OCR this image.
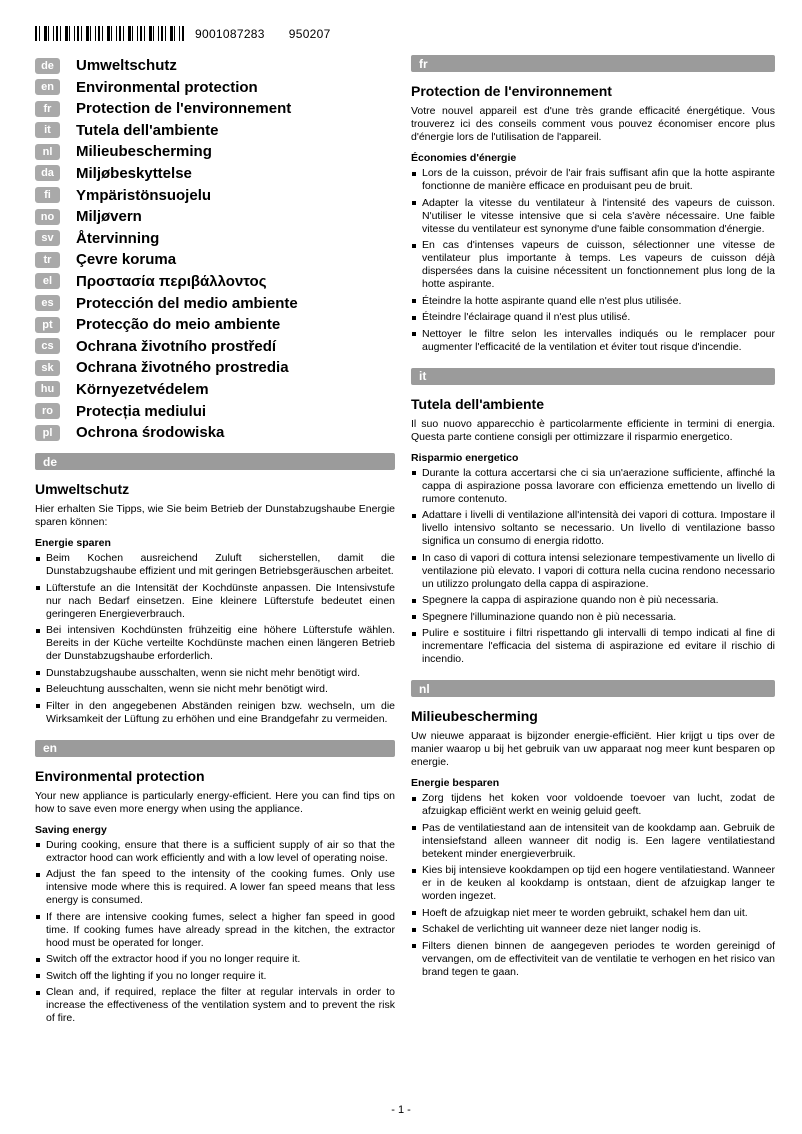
9001087283 950207
de	Umweltschutz
en	Environmental protection
fr	Protection de l'environnement
it	Tutela dell'ambiente
nl	Milieubescherming
da	Miljøbeskyttelse
fi	Ympäristönsuojelu
no	Miljøvern
sv	Återvinning
tr	Çevre koruma
el	Προστασία περιβάλλοντος
es	Protección del medio ambiente
pt	Protecção do meio ambiente
cs	Ochrana životního prostředí
sk	Ochrana životného prostredia
hu	Környezetvédelem
ro	Protecția mediului
pl	Ochrona środowiska
de
Umweltschutz

Hier erhalten Sie Tipps, wie Sie beim Betrieb der Dunstabzugshaube Energie sparen können:

Energie sparen
Beim Kochen ausreichend Zuluft sicherstellen, damit die Dunstabzugshaube effizient und mit geringen Betriebsgeräuschen arbeitet.
Lüfterstufe an die Intensität der Kochdünste anpassen. Die Intensivstufe nur nach Bedarf einsetzen. Eine kleinere Lüfterstufe bedeutet einen geringeren Energieverbrauch.
Bei intensiven Kochdünsten frühzeitig eine höhere Lüfterstufe wählen. Bereits in der Küche verteilte Kochdünste machen einen längeren Betrieb der Dunstabzugshaube erforderlich.
Dunstabzugshaube ausschalten, wenn sie nicht mehr benötigt wird.
Beleuchtung ausschalten, wenn sie nicht mehr benötigt wird.
Filter in den angegebenen Abständen reinigen bzw. wechseln, um die Wirksamkeit der Lüftung zu erhöhen und eine Brandgefahr zu vermeiden.
en
Environmental protection

Your new appliance is particularly energy-efficient. Here you can find tips on how to save even more energy when using the appliance.

Saving energy
During cooking, ensure that there is a sufficient supply of air so that the extractor hood can work efficiently and with a low level of operating noise.
Adjust the fan speed to the intensity of the cooking fumes. Only use intensive mode where this is required. A lower fan speed means that less energy is consumed.
If there are intensive cooking fumes, select a higher fan speed in good time. If cooking fumes have already spread in the kitchen, the extractor hood must be operated for longer.
Switch off the extractor hood if you no longer require it.
Switch off the lighting if you no longer require it.
Clean and, if required, replace the filter at regular intervals in order to increase the effectiveness of the ventilation system and to prevent the risk of fire.
fr
Protection de l'environnement

Votre nouvel appareil est d'une très grande efficacité énergétique. Vous trouverez ici des conseils comment vous pouvez économiser encore plus d'énergie lors de l'utilisation de l'appareil.

Économies d'énergie
Lors de la cuisson, prévoir de l'air frais suffisant afin que la hotte aspirante fonctionne de manière efficace en produisant peu de bruit.
Adapter la vitesse du ventilateur à l'intensité des vapeurs de cuisson. N'utiliser le vitesse intensive que si cela s'avère nécessaire. Une faible vitesse du ventilateur est synonyme d'une faible consommation d'énergie.
En cas d'intenses vapeurs de cuisson, sélectionner une vitesse de ventilateur plus importante à temps. Les vapeurs de cuisson déjà dispersées dans la cuisine nécessitent un fonctionnement plus long de la hotte aspirante.
Éteindre la hotte aspirante quand elle n'est plus utilisée.
Éteindre l'éclairage quand il n'est plus utilisé.
Nettoyer le filtre selon les intervalles indiqués ou le remplacer pour augmenter l'efficacité de la ventilation et éviter tout risque d'incendie.
it
Tutela dell'ambiente

Il suo nuovo apparecchio è particolarmente efficiente in termini di energia. Questa parte contiene consigli per ottimizzare il risparmio energetico.

Risparmio energetico
Durante la cottura accertarsi che ci sia un'aerazione sufficiente, affinché la cappa di aspirazione possa lavorare con efficienza emettendo un livello di rumore contenuto.
Adattare i livelli di ventilazione all'intensità dei vapori di cottura. Impostare il livello intensivo soltanto se necessario. Un livello di ventilazione basso significa un consumo di energia ridotto.
In caso di vapori di cottura intensi selezionare tempestivamente un livello di ventilazione più elevato. I vapori di cottura nella cucina rendono necessario un utilizzo prolungato della cappa di aspirazione.
Spegnere la cappa di aspirazione quando non è più necessaria.
Spegnere l'illuminazione quando non è più necessaria.
Pulire e sostituire i filtri rispettando gli intervalli di tempo indicati al fine di incrementare l'efficacia del sistema di aspirazione ed evitare il rischio di incendio.
nl
Milieubescherming

Uw nieuwe apparaat is bijzonder energie-efficiënt. Hier krijgt u tips over de manier waarop u bij het gebruik van uw apparaat nog meer kunt besparen op energie.

Energie besparen
Zorg tijdens het koken voor voldoende toevoer van lucht, zodat de afzuigkap efficiënt werkt en weinig geluid geeft.
Pas de ventilatiestand aan de intensiteit van de kookdamp aan. Gebruik de intensiefstand alleen wanneer dit nodig is. Een lagere ventilatiestand betekent minder energieverbruik.
Kies bij intensieve kookdampen op tijd een hogere ventilatiestand. Wanneer er in de keuken al kookdamp is ontstaan, dient de afzuigkap langer te worden ingezet.
Hoeft de afzuigkap niet meer te worden gebruikt, schakel hem dan uit.
Schakel de verlichting uit wanneer deze niet langer nodig is.
Filters dienen binnen de aangegeven periodes te worden gereinigd of vervangen, om de effectiviteit van de ventilatie te verhogen en het risico van brand tegen te gaan.
- 1 -
